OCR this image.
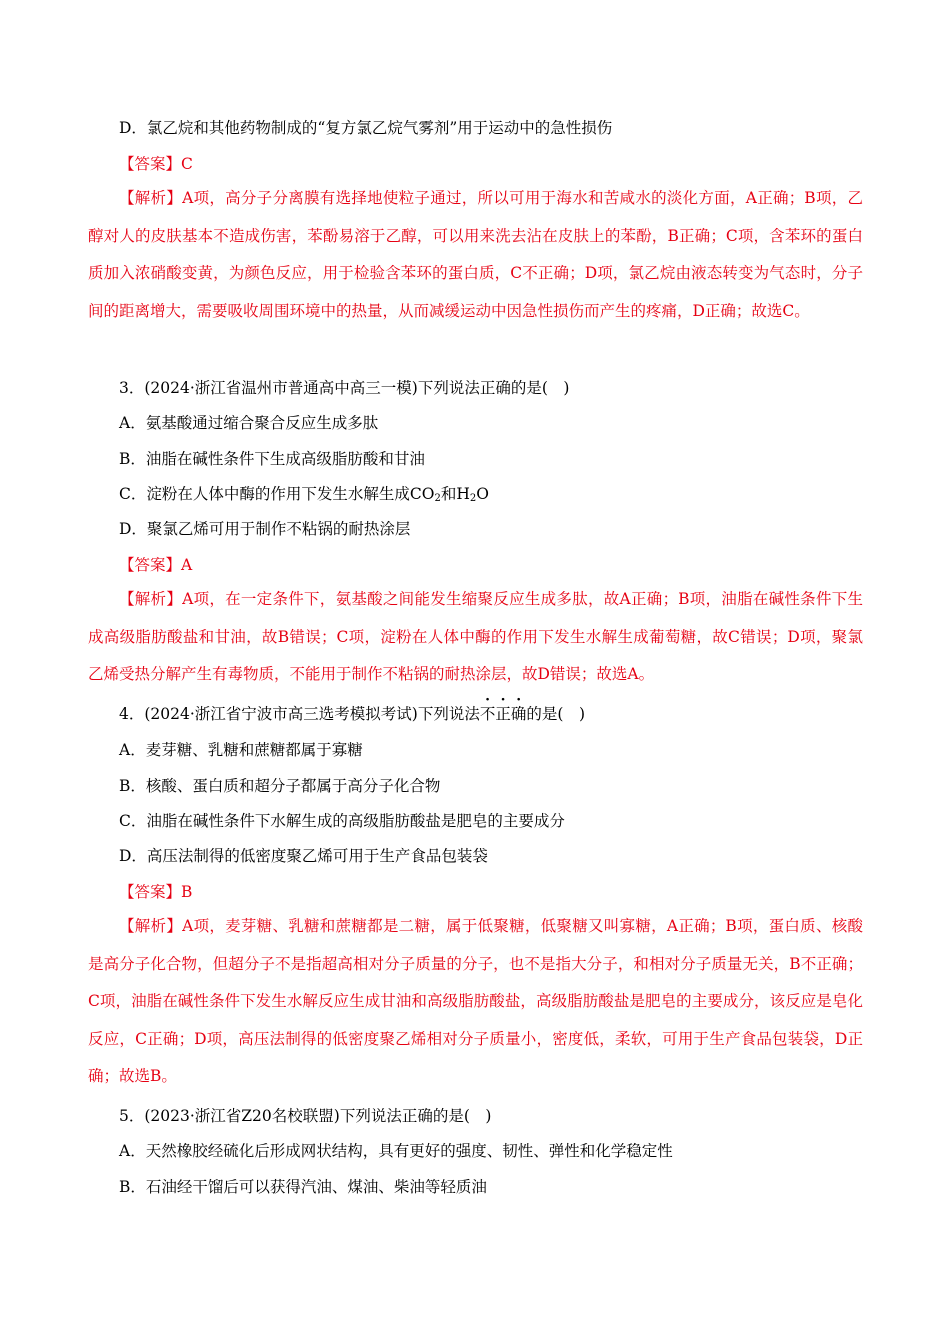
D．氯乙烷和其他药物制成的“复方氯乙烷气雾剂”用于运动中的急性损伤
【答案】C

【解析】A项，高分子分离膜有选择地使粒子通过，所以可用于海水和苦咸水的淡化方面，A正确；B项，乙醇对人的皮肤基本不造成伤害，苯酚易溶于乙醇，可以用来洗去沾在皮肤上的苯酚，B正确；C项，含苯环的蛋白质加入浓硝酸变黄，为颜色反应，用于检验含苯环的蛋白质，C不正确；D项，氯乙烷由液态转变为气态时，分子间的距离增大，需要吸收周围环境中的热量，从而减缓运动中因急性损伤而产生的疼痛，D正确；故选C。

3．(2024·浙江省温州市普通高中高三一模)下列说法正确的是(　)
A．氨基酸通过缩合聚合反应生成多肽
B．油脂在碱性条件下生成高级脂肪酸和甘油
C．淀粉在人体中酶的作用下发生水解生成$CO_2$和$H_2O$
D．聚氯乙烯可用于制作不粘锅的耐热涂层
【答案】A

【解析】A项，在一定条件下，氨基酸之间能发生缩聚反应生成多肽，故A正确；B项，油脂在碱性条件下生成高级脂肪酸盐和甘油，故B错误；C项，淀粉在人体中酶的作用下发生水解生成葡萄糖，故C错误；D项，聚氯乙烯受热分解产生有毒物质，不能用于制作不粘锅的耐热涂层，故D错误；故选A。

4．(2024·浙江省宁波市高三选考模拟考试)下列说法不正确的是(　)
A．麦芽糖、乳糖和蔗糖都属于寡糖
B．核酸、蛋白质和超分子都属于高分子化合物
C．油脂在碱性条件下水解生成的高级脂肪酸盐是肥皂的主要成分
D．高压法制得的低密度聚乙烯可用于生产食品包装袋
【答案】B

【解析】A项，麦芽糖、乳糖和蔗糖都是二糖，属于低聚糖，低聚糖又叫寡糖，A正确；B项，蛋白质、核酸是高分子化合物，但超分子不是指超高相对分子质量的分子，也不是指大分子，和相对分子质量无关，B不正确；C项，油脂在碱性条件下发生水解反应生成甘油和高级脂肪酸盐，高级脂肪酸盐是肥皂的主要成分，该反应是皂化反应，C正确；D项，高压法制得的低密度聚乙烯相对分子质量小，密度低，柔软，可用于生产食品包装袋，D正确；故选B。

5．(2023·浙江省Z20名校联盟)下列说法正确的是(　)
A．天然橡胶经硫化后形成网状结构，具有更好的强度、韧性、弹性和化学稳定性
B．石油经干馏后可以获得汽油、煤油、柴油等轻质油
